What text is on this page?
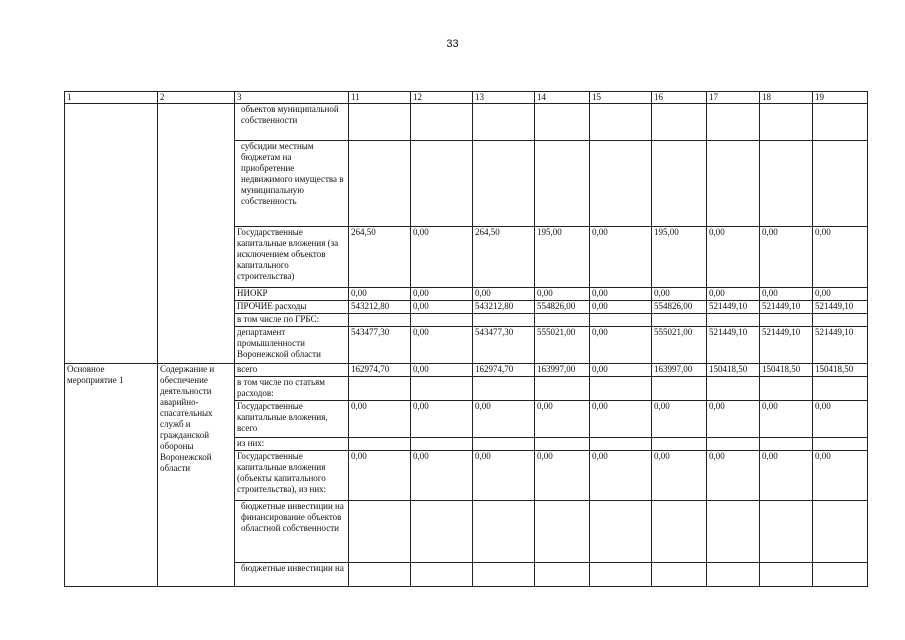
33
1	2	3	11	12	13	14	15	16	17	18	19
		объектов муниципальной собственности									
		субсидии местным бюджетам на приобретение недвижимого имущества в муниципальную собственность									
		Государственные капитальные вложения (за исключением объектов капитального строительства)	264,50	0,00	264,50	195,00	0,00	195,00	0,00	0,00	0,00
		НИОКР	0,00	0,00	0,00	0,00	0,00	0,00	0,00	0,00	0,00
		ПРОЧИЕ расходы	543212,80	0,00	543212,80	554826,00	0,00	554826,00	521449,10	521449,10	521449,10
		в том числе по ГРБС:									
		департамент промышленности Воронежской области	543477,30	0,00	543477,30	555021,00	0,00	555021,00	521449,10	521449,10	521449,10
Основное мероприятие 1	Содержание и обеспечение деятельности аварийно-спасательных служб и гражданской обороны Воронежской области	всего	162974,70	0,00	162974,70	163997,00	0,00	163997,00	150418,50	150418,50	150418,50
		в том числе по статьям расходов:									
		Государственные капитальные вложения, всего	0,00	0,00	0,00	0,00	0,00	0,00	0,00	0,00	0,00
		из них:									
		Государственные капитальные вложения (объекты капитального строительства), из них:	0,00	0,00	0,00	0,00	0,00	0,00	0,00	0,00	0,00
		бюджетные инвестиции на финансирование объектов областной собственности									
		бюджетные инвестиции на									
